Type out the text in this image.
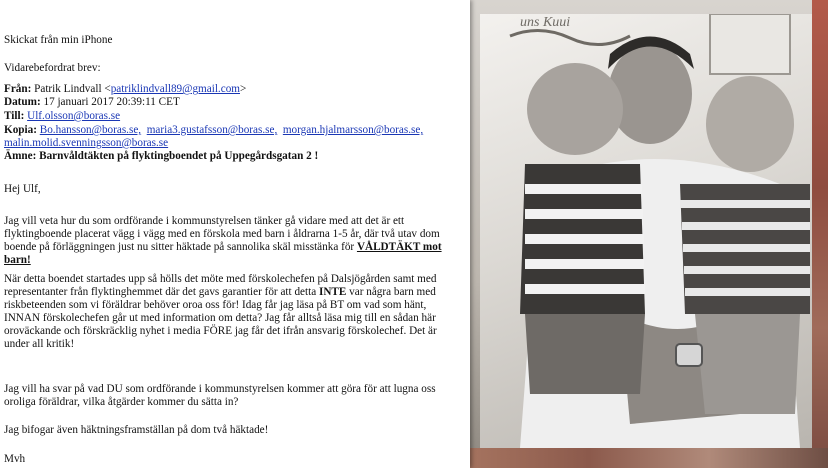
uns Kuui
Skickat från min iPhone
Vidarebefordrat brev:
Från: Patrik Lindvall <patriklindvall89@gmail.com>
Datum: 17 januari 2017 20:39:11 CET
Till: Ulf.olsson@boras.se
Kopia: Bo.hansson@boras.se, maria3.gustafsson@boras.se, morgan.hjalmarsson@boras.se,
malin.molid.svenningsson@boras.se
Ämne: Barnvåldtäkten på flyktingboendet på Uppegårdsgatan 2 !
Hej Ulf,
Jag vill veta hur du som ordförande i kommunstyrelsen tänker gå vidare med att det är ett flyktingboende placerat vägg i vägg med en förskola med barn i åldrarna 1-5 år, där två utav dom boende på förläggningen just nu sitter häktade på sannolika skäl misstänka för VÅLDTÄKT mot barn!
När detta boendet startades upp så hölls det möte med förskolechefen på Dalsjögården samt med representanter från flyktinghemmet där det gavs garantier för att detta INTE var några barn med riskbeteenden som vi föräldrar behöver oroa oss för! Idag får jag läsa på BT om vad som hänt, INNAN förskolechefen går ut med information om detta? Jag får alltså läsa mig till en sådan här oroväckande och förskräcklig nyhet i media FÖRE jag får det ifrån ansvarig förskolechef. Det är under all kritik!
Jag vill ha svar på vad DU som ordförande i kommunstyrelsen kommer att göra för att lugna oss oroliga föräldrar, vilka åtgärder kommer du sätta in?
Jag bifogar även häktningsframställan på dom två häktade!
Mvh
